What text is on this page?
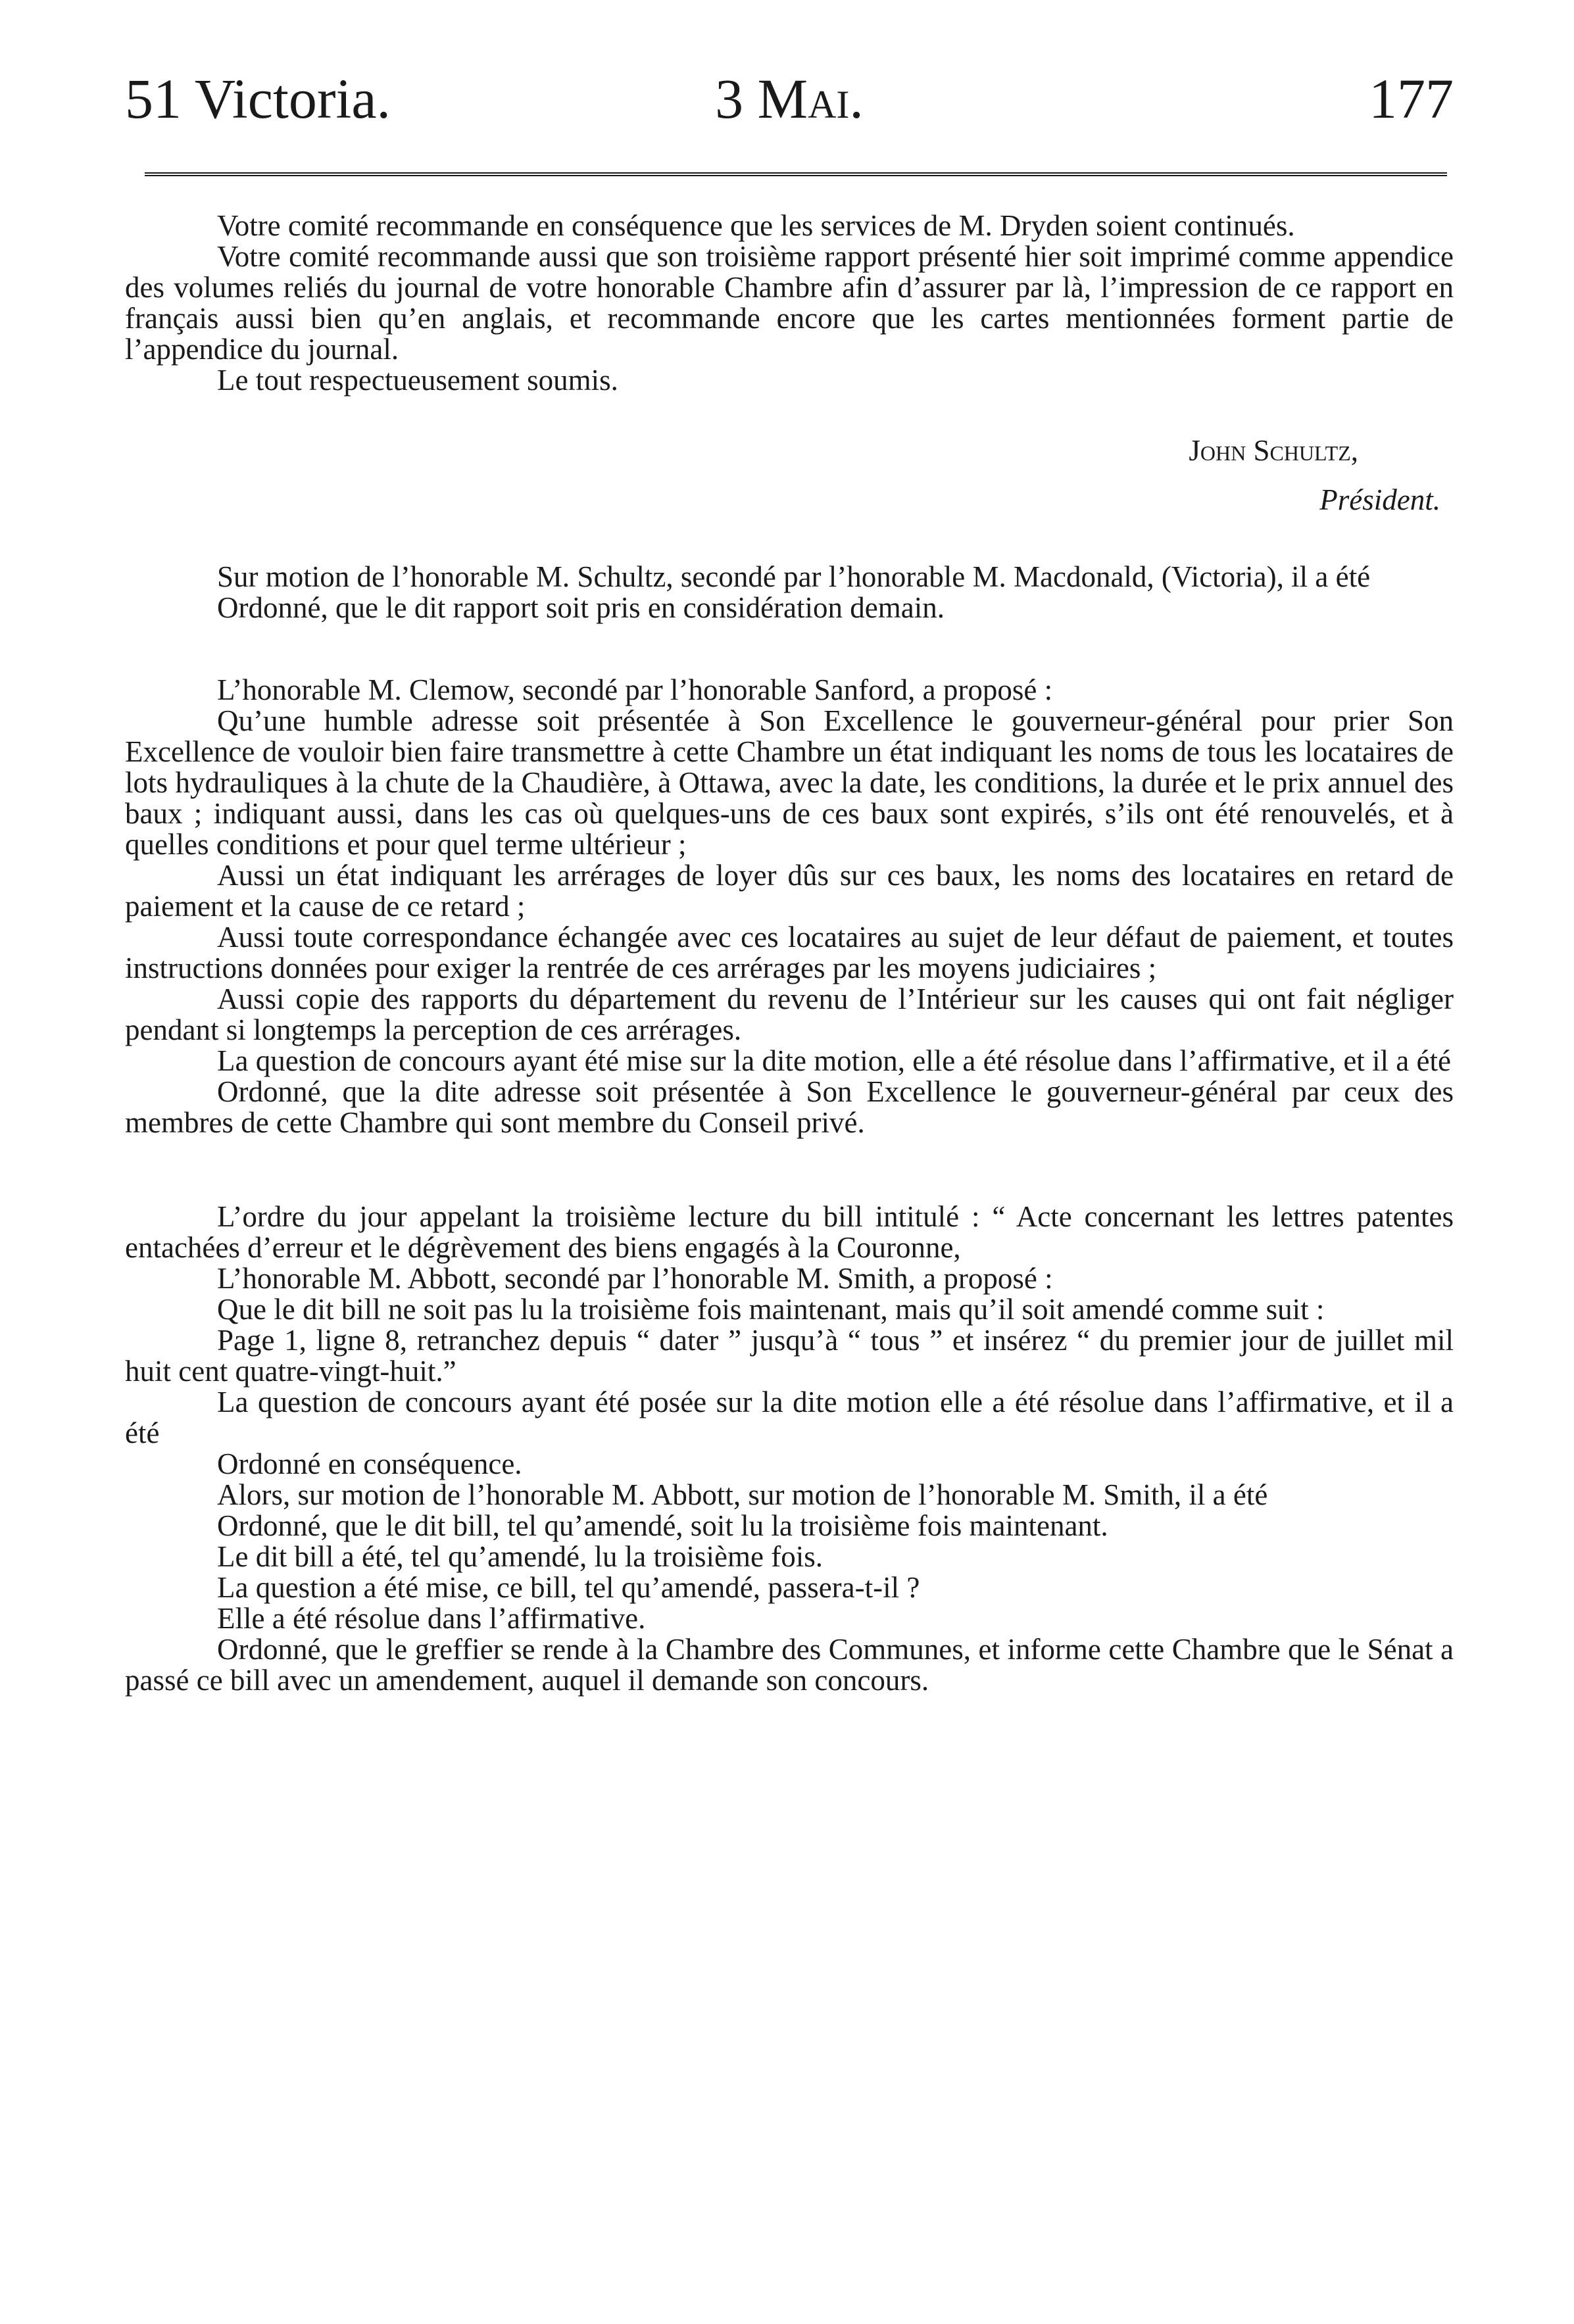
51 Victoria.	3 Mai.	177

Votre comité recommande en conséquence que les services de M. Dryden soient continués.

Votre comité recommande aussi que son troisième rapport présenté hier soit imprimé comme appendice des volumes reliés du journal de votre honorable Chambre afin d’assurer par là, l’impression de ce rapport en français aussi bien qu’en anglais, et recommande encore que les cartes mentionnées forment partie de l’appendice du journal.

Le tout respectueusement soumis.

John Schultz,

Président.

Sur motion de l’honorable M. Schultz, secondé par l’honorable M. Macdonald, (Victoria), il a été

Ordonné, que le dit rapport soit pris en considération demain.

L’honorable M. Clemow, secondé par l’honorable Sanford, a proposé :

Qu’une humble adresse soit présentée à Son Excellence le gouverneur-général pour prier Son Excellence de vouloir bien faire transmettre à cette Chambre un état indiquant les noms de tous les locataires de lots hydrauliques à la chute de la Chaudière, à Ottawa, avec la date, les conditions, la durée et le prix annuel des baux ; indiquant aussi, dans les cas où quelques-uns de ces baux sont expirés, s’ils ont été renouvelés, et à quelles conditions et pour quel terme ultérieur ;

Aussi un état indiquant les arrérages de loyer dûs sur ces baux, les noms des locataires en retard de paiement et la cause de ce retard ;

Aussi toute correspondance échangée avec ces locataires au sujet de leur défaut de paiement, et toutes instructions données pour exiger la rentrée de ces arrérages par les moyens judiciaires ;

Aussi copie des rapports du département du revenu de l’Intérieur sur les causes qui ont fait négliger pendant si longtemps la perception de ces arrérages.

La question de concours ayant été mise sur la dite motion, elle a été résolue dans l’affirmative, et il a été

Ordonné, que la dite adresse soit présentée à Son Excellence le gouverneur-général par ceux des membres de cette Chambre qui sont membre du Conseil privé.

L’ordre du jour appelant la troisième lecture du bill intitulé : “ Acte concernant les lettres patentes entachées d’erreur et le dégrèvement des biens engagés à la Couronne,

L’honorable M. Abbott, secondé par l’honorable M. Smith, a proposé :

Que le dit bill ne soit pas lu la troisième fois maintenant, mais qu’il soit amendé comme suit :

Page 1, ligne 8, retranchez depuis “ dater ” jusqu’à “ tous ” et insérez “ du premier jour de juillet mil huit cent quatre-vingt-huit.”

La question de concours ayant été posée sur la dite motion elle a été résolue dans l’affirmative, et il a été

Ordonné en conséquence.

Alors, sur motion de l’honorable M. Abbott, sur motion de l’honorable M. Smith, il a été

Ordonné, que le dit bill, tel qu’amendé, soit lu la troisième fois maintenant.

Le dit bill a été, tel qu’amendé, lu la troisième fois.

La question a été mise, ce bill, tel qu’amendé, passera-t-il ?

Elle a été résolue dans l’affirmative.

Ordonné, que le greffier se rende à la Chambre des Communes, et informe cette Chambre que le Sénat a passé ce bill avec un amendement, auquel il demande son concours.
